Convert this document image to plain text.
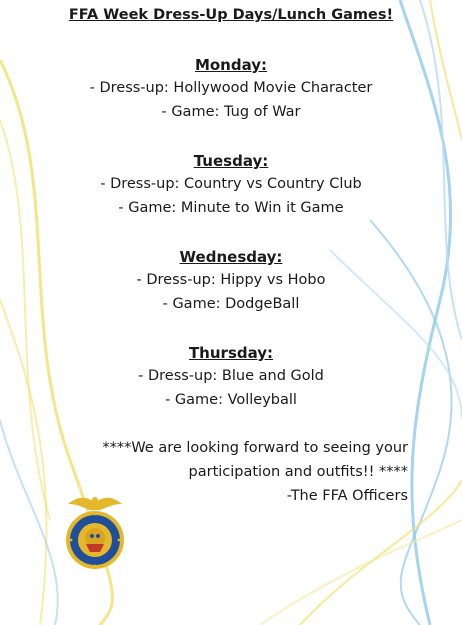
FFA Week Dress-Up Days/Lunch Games!
Monday:
- Dress-up: Hollywood Movie Character
- Game: Tug of War
Tuesday:
- Dress-up: Country vs Country Club
- Game: Minute to Win it Game
Wednesday:
- Dress-up: Hippy vs Hobo
- Game: DodgeBall
Thursday:
- Dress-up: Blue and Gold
- Game: Volleyball
****We are looking forward to seeing your
participation and outfits!! ****
-The FFA Officers
